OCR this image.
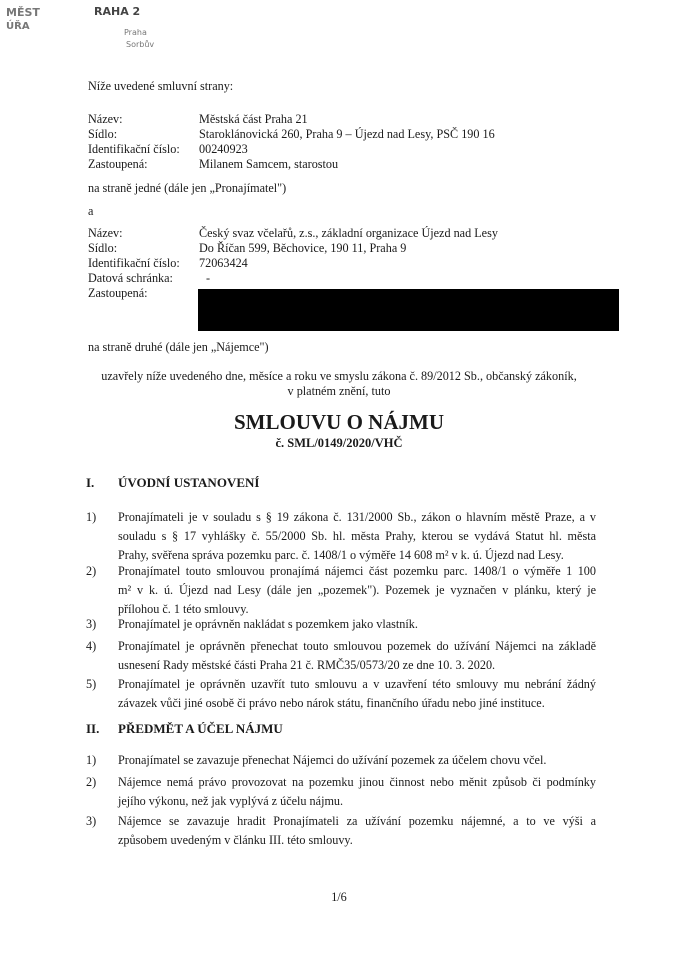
MĚST
ÚŘA
RAHA 2
Praha
Sorbův
Níže uvedené smluvní strany:
Název:	Městská část Praha 21
Sídlo:	Staroklánovická 260, Praha 9 – Újezd nad Lesy, PSČ 190 16
Identifikační číslo: 00240923
Zastoupená:	Milanem Samcem, starostou
na straně jedné (dále jen „Pronajímatel")
a
Název:	Český svaz včelařů, z.s., základní organizace Újezd nad Lesy
Sídlo:	Do Říčan 599, Běchovice, 190 11, Praha 9
Identifikační číslo: 72063424
Datová schránka:	-
Zastoupená:
na straně druhé (dále jen „Nájemce")
uzavřely níže uvedeného dne, měsíce a roku ve smyslu zákona č. 89/2012 Sb., občanský zákoník,
v platném znění, tuto
SMLOUVU O NÁJMU
č. SML/0149/2020/VHČ
I. ÚVODNÍ USTANOVENÍ
1) Pronajímateli je v souladu s § 19 zákona č. 131/2000 Sb., zákon o hlavním městě Praze, a v
souladu s § 17 vyhlášky č. 55/2000 Sb. hl. města Prahy, kterou se vydává Statut hl. města
Prahy, svěřena správa pozemku parc. č. 1408/1 o výměře 14 608 m² v k. ú. Újezd nad Lesy.
2) Pronajímatel touto smlouvou pronajímá nájemci část pozemku parc. 1408/1 o výměře 1 100
m² v k. ú. Újezd nad Lesy (dále jen „pozemek"). Pozemek je vyznačen v plánku, který je
přílohou č. 1 této smlouvy.
3) Pronajímatel je oprávněn nakládat s pozemkem jako vlastník.
4) Pronajímatel je oprávněn přenechat touto smlouvou pozemek do užívání Nájemci na základě
usnesení Rady městské části Praha 21 č. RMČ35/0573/20 ze dne 10. 3. 2020.
5) Pronajímatel je oprávněn uzavřít tuto smlouvu a v uzavření této smlouvy mu nebrání žádný
závazek vůči jiné osobě či právo nebo nárok státu, finančního úřadu nebo jiné instituce.
II. PŘEDMĚT A ÚČEL NÁJMU
1) Pronajímatel se zavazuje přenechat Nájemci do užívání pozemek za účelem chovu včel.
2) Nájemce nemá právo provozovat na pozemku jinou činnost nebo měnit způsob či podmínky
jejího výkonu, než jak vyplývá z účelu nájmu.
3) Nájemce se zavazuje hradit Pronajímateli za užívání pozemku nájemné, a to ve výši a
způsobem uvedeným v článku III. této smlouvy.
1/6
